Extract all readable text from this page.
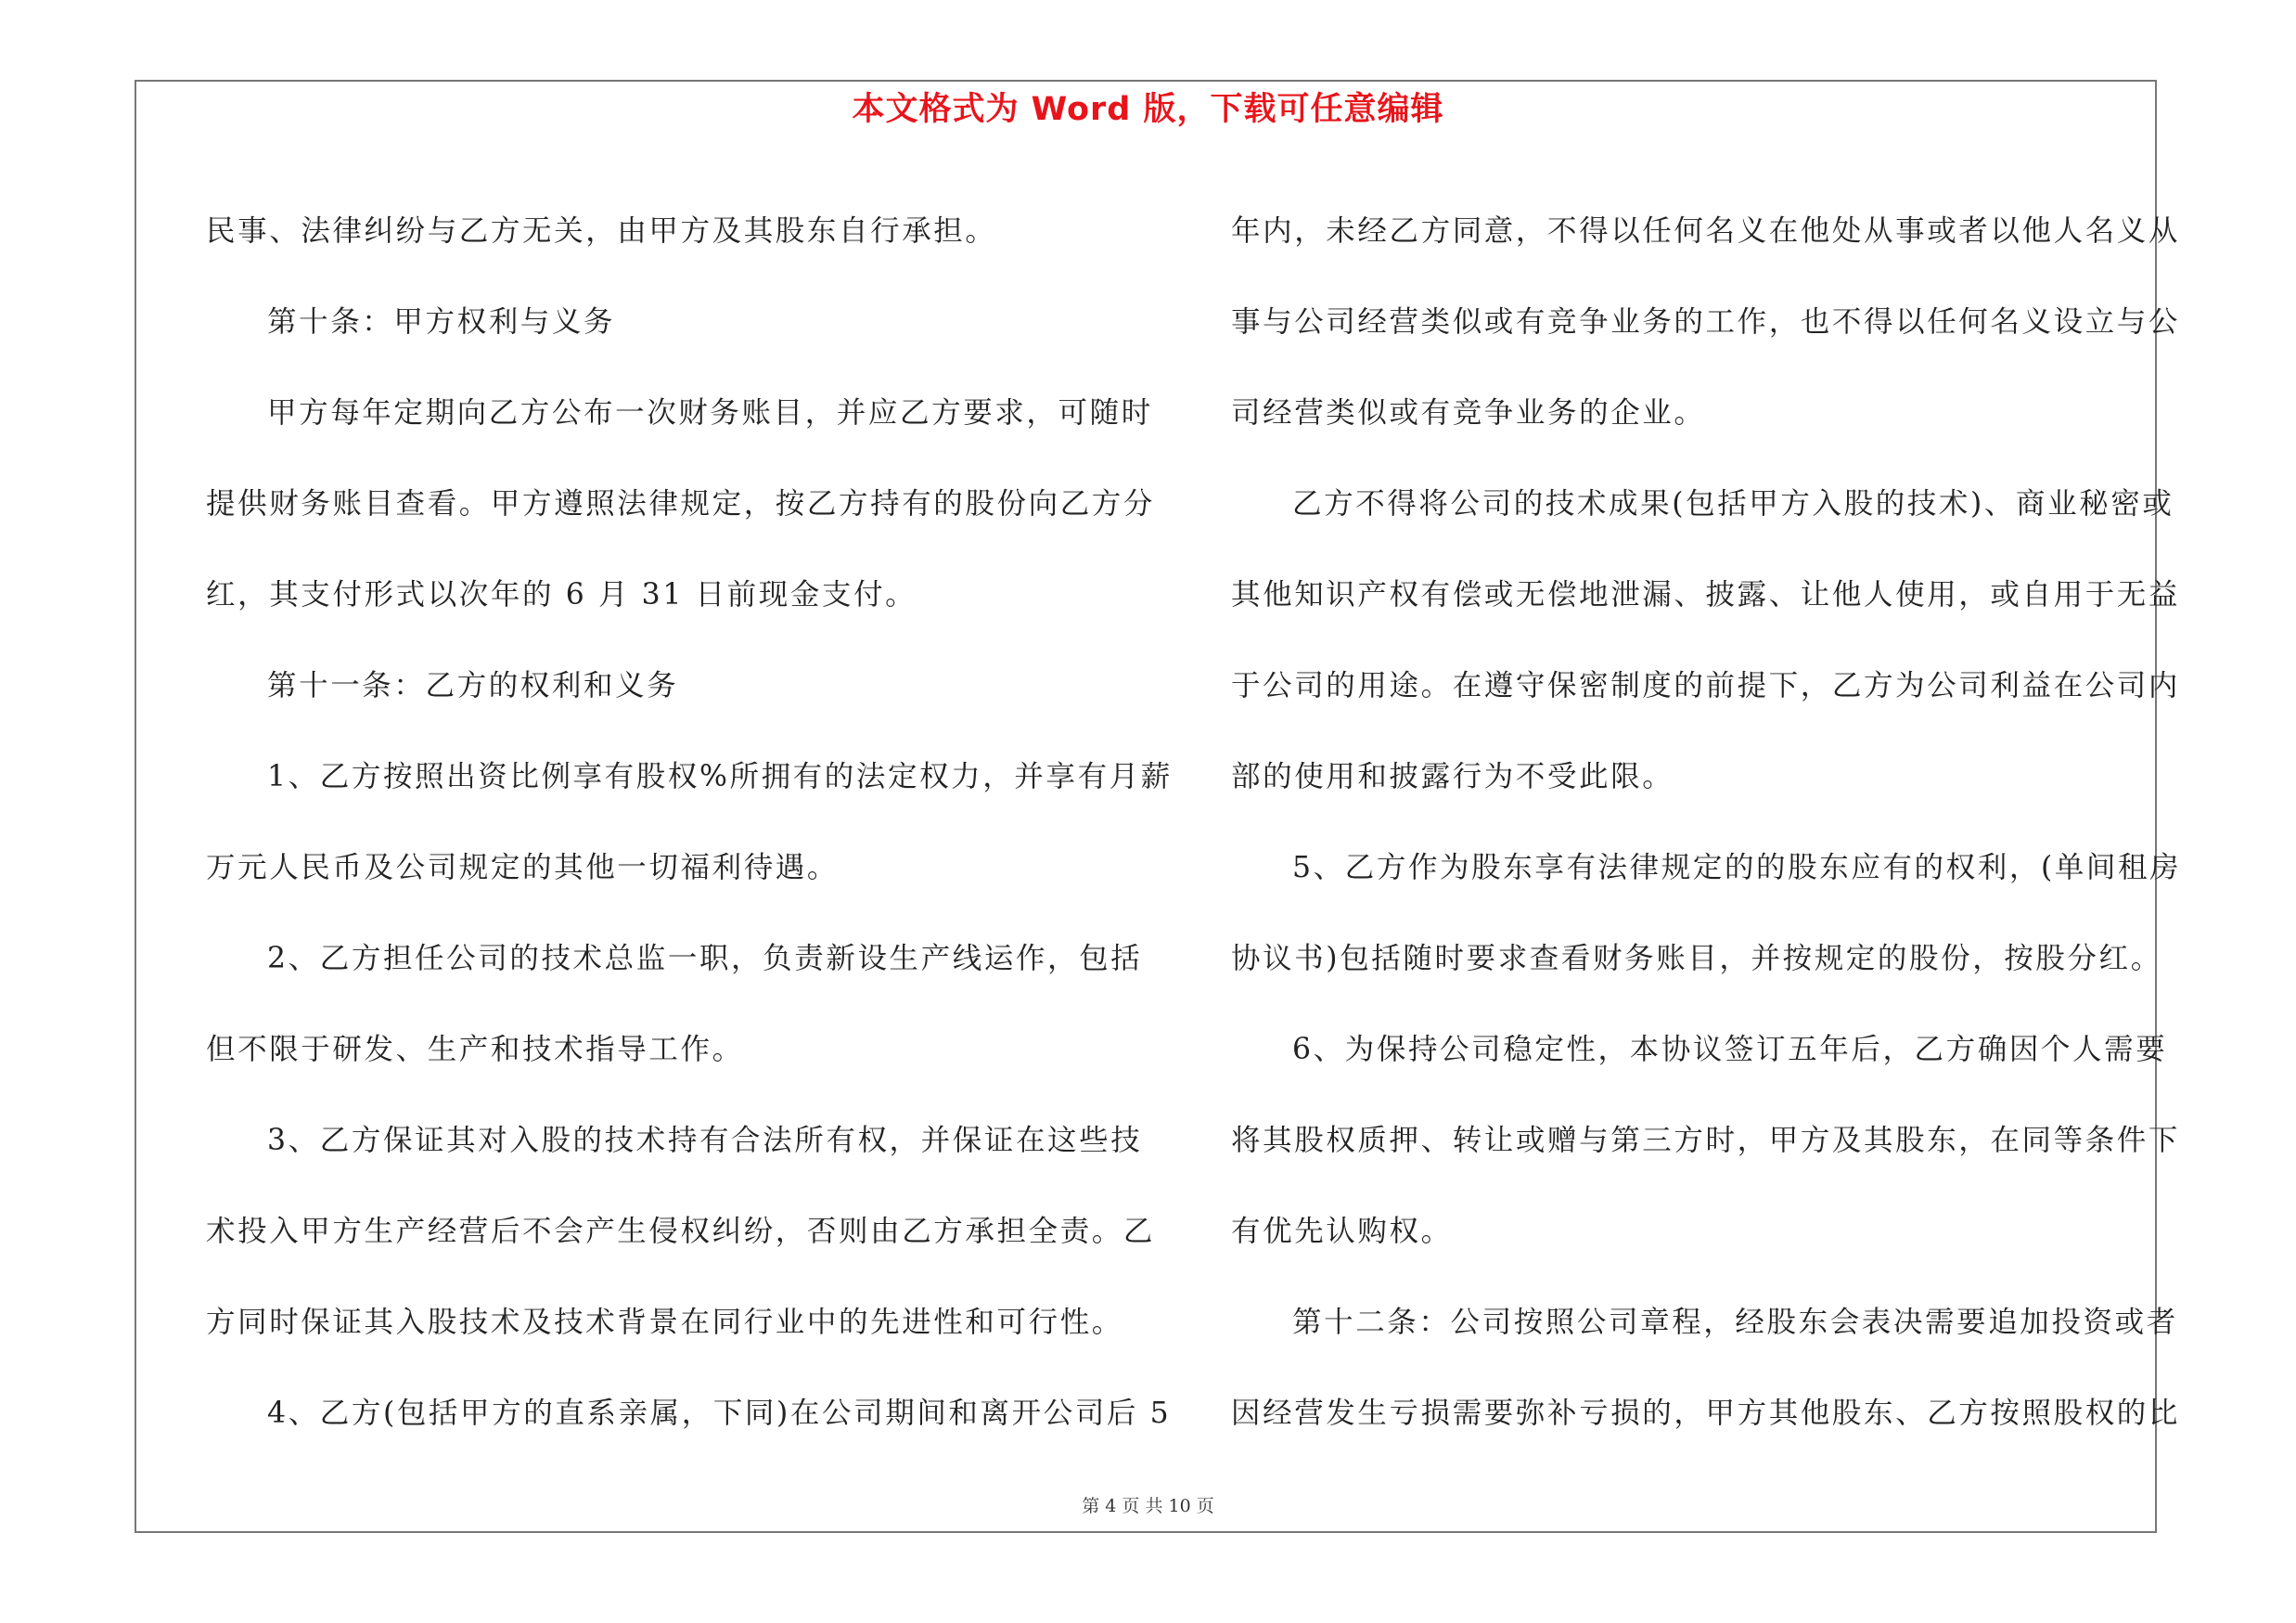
本文格式为 Word 版，下载可任意编辑
民事、法律纠纷与乙方无关，由甲方及其股东自行承担。
第十条：甲方权利与义务
甲方每年定期向乙方公布一次财务账目，并应乙方要求，可随时
提供财务账目查看。甲方遵照法律规定，按乙方持有的股份向乙方分
红，其支付形式以次年的 6 月 31 日前现金支付。
第十一条：乙方的权利和义务
1、乙方按照出资比例享有股权%所拥有的法定权力，并享有月薪
万元人民币及公司规定的其他一切福利待遇。
2、乙方担任公司的技术总监一职，负责新设生产线运作，包括
但不限于研发、生产和技术指导工作。
3、乙方保证其对入股的技术持有合法所有权，并保证在这些技
术投入甲方生产经营后不会产生侵权纠纷，否则由乙方承担全责。乙
方同时保证其入股技术及技术背景在同行业中的先进性和可行性。
4、乙方(包括甲方的直系亲属，下同)在公司期间和离开公司后 5
年内，未经乙方同意，不得以任何名义在他处从事或者以他人名义从
事与公司经营类似或有竞争业务的工作，也不得以任何名义设立与公
司经营类似或有竞争业务的企业。
乙方不得将公司的技术成果(包括甲方入股的技术)、商业秘密或
其他知识产权有偿或无偿地泄漏、披露、让他人使用，或自用于无益
于公司的用途。在遵守保密制度的前提下，乙方为公司利益在公司内
部的使用和披露行为不受此限。
5、乙方作为股东享有法律规定的的股东应有的权利，(单间租房
协议书)包括随时要求查看财务账目，并按规定的股份，按股分红。
6、为保持公司稳定性，本协议签订五年后，乙方确因个人需要
将其股权质押、转让或赠与第三方时，甲方及其股东，在同等条件下
有优先认购权。
第十二条：公司按照公司章程，经股东会表决需要追加投资或者
因经营发生亏损需要弥补亏损的，甲方其他股东、乙方按照股权的比
第 4 页 共 10 页
